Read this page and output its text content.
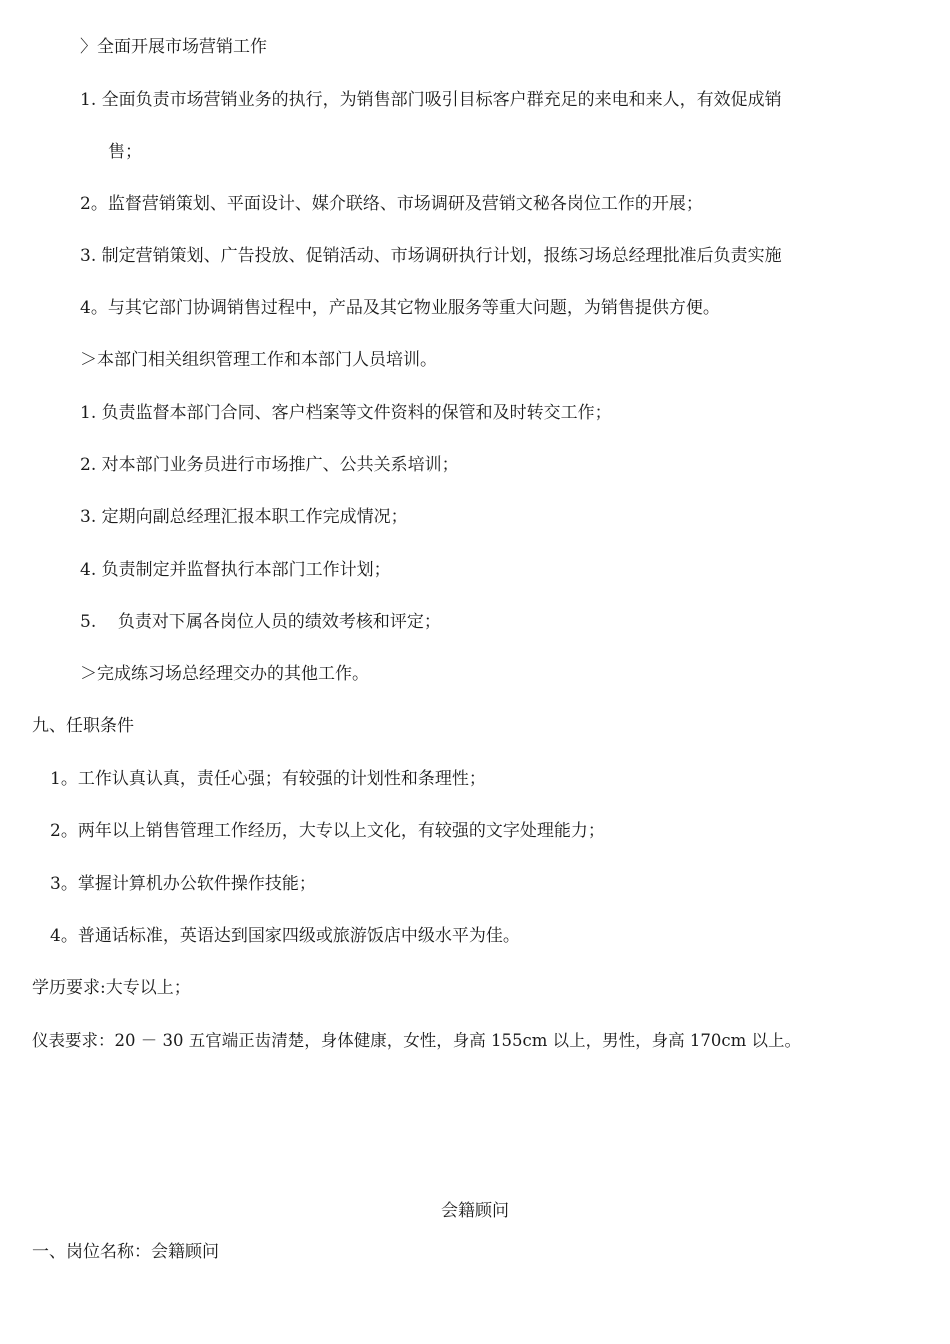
〉全面开展市场营销工作
1. 全面负责市场营销业务的执行，为销售部门吸引目标客户群充足的来电和来人，有效促成销
售；
2。监督营销策划、平面设计、媒介联络、市场调研及营销文秘各岗位工作的开展；
3. 制定营销策划、广告投放、促销活动、市场调研执行计划，报练习场总经理批准后负责实施
4。与其它部门协调销售过程中，产品及其它物业服务等重大问题，为销售提供方便。
＞本部门相关组织管理工作和本部门人员培训。
1. 负责监督本部门合同、客户档案等文件资料的保管和及时转交工作；
2. 对本部门业务员进行市场推广、公共关系培训；
3. 定期向副总经理汇报本职工作完成情况；
4. 负责制定并监督执行本部门工作计划；
5.    负责对下属各岗位人员的绩效考核和评定；
＞完成练习场总经理交办的其他工作。
九、任职条件
1。工作认真认真，责任心强；有较强的计划性和条理性；
2。两年以上销售管理工作经历，大专以上文化，有较强的文字处理能力；
3。掌握计算机办公软件操作技能；
4。普通话标准，英语达到国家四级或旅游饭店中级水平为佳。
学历要求:大专以上；
仪表要求：20 － 30 五官端正齿清楚，身体健康，女性，身高 155cm 以上，男性，身高 170cm 以上。
会籍顾问
一、岗位名称：会籍顾问
